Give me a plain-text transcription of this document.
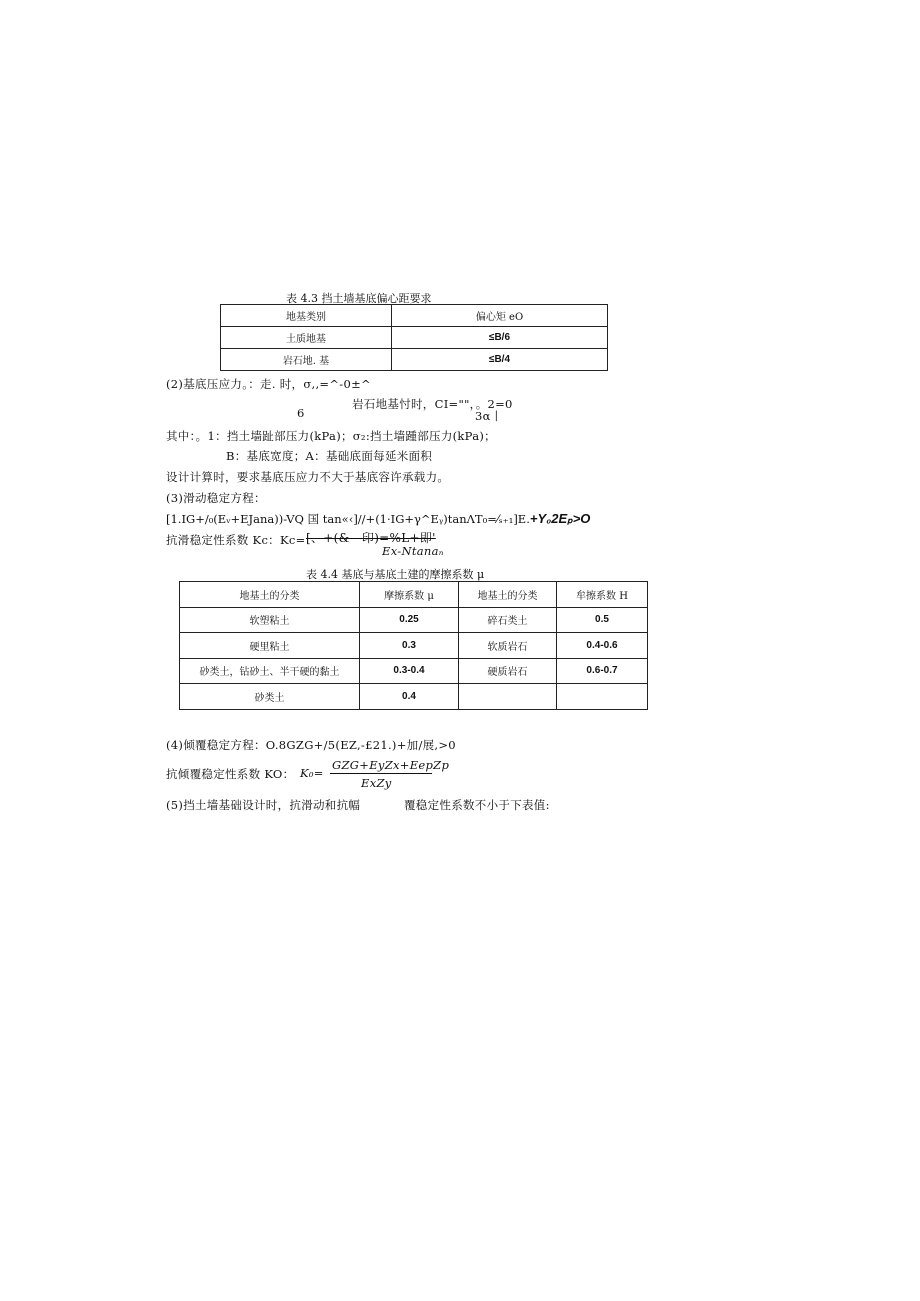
表 4.3 挡土墙基底偏心距要求
地基类别	偏心矩 eO
土质地基	≤B/6
岩石地. 基	≤B/4
(2)基底压应力。：走. 时，σ,,=^-0±^
6
岩石地基忖时，CI=""，。2=0
3α丨
其中：。1：挡土墙趾部压力(kPa)；σ₂:挡土墙踵部压力(kPa)；
B：基底宽度；A：基础底面每延米面积
设计计算时，要求基底压应力不大于基底容许承载力。
(3)滑动稳定方程：
[1.IG+/₀(Eᵥ+EJana))-VQ 国 tan«‹]//+(1·IG+γ^Eᵧ)tanΛT₀=⁄ₛ₊₁]E.+Y₀2Eₚ>O
抗滑稳定性系数 Kc：Kc= [、+(&—印)=%L+即'
Ex-Ntanaₙ
表 4.4 基底与基底土建的摩擦系数 μ
地基土的分类	摩擦系数 μ	地基土的分类	牟擦系数 H
软塑粘土	0.25	碎石类土	0.5
硬里粘土	0.3	软质岩石	0.4-0.6
砂类土，钻砂土、半干硬的黏土	0.3-0.4	硬质岩石	0.6-0.7
砂类土	0.4		
(4)倾覆稳定方程：O.8GZG+/5(EZ,-£21.)+加/展,>0
抗倾覆稳定性系数 KO： K₀=
GZG+EyZx+EepZp
ExZy
(5)挡土墙基础设计时，抗滑动和抗幅	覆稳定性系数不小于下表值:
